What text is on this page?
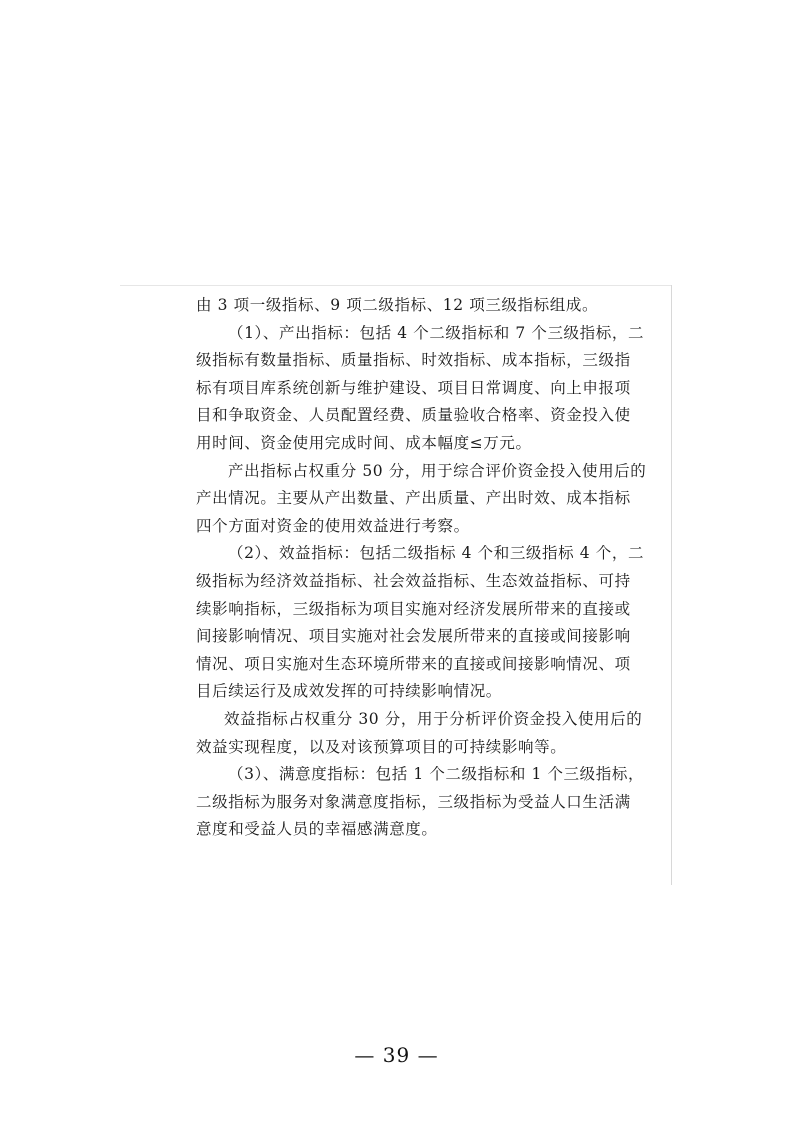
由 3 项一级指标、9 项二级指标、12 项三级指标组成。
（1）、产出指标：包括 4 个二级指标和 7 个三级指标，二
级指标有数量指标、质量指标、时效指标、成本指标，三级指
标有项目库系统创新与维护建设、项目日常调度、向上申报项
目和争取资金、人员配置经费、质量验收合格率、资金投入使
用时间、资金使用完成时间、成本幅度≤万元。
产出指标占权重分 50 分，用于综合评价资金投入使用后的
产出情况。主要从产出数量、产出质量、产出时效、成本指标
四个方面对资金的使用效益进行考察。
（2）、效益指标：包括二级指标 4 个和三级指标 4 个，二
级指标为经济效益指标、社会效益指标、生态效益指标、可持
续影响指标，三级指标为项目实施对经济发展所带来的直接或
间接影响情况、项目实施对社会发展所带来的直接或间接影响
情况、项日实施对生态环境所带来的直接或间接影响情况、项
目后续运行及成效发挥的可持续影响情况。
效益指标占权重分 30 分，用于分析评价资金投入使用后的
效益实现程度，以及对该预算项目的可持续影响等。
（3）、满意度指标：包括 1 个二级指标和 1 个三级指标，
二级指标为服务对象满意度指标，三级指标为受益人口生活满
意度和受益人员的幸福感满意度。
— 39 —
